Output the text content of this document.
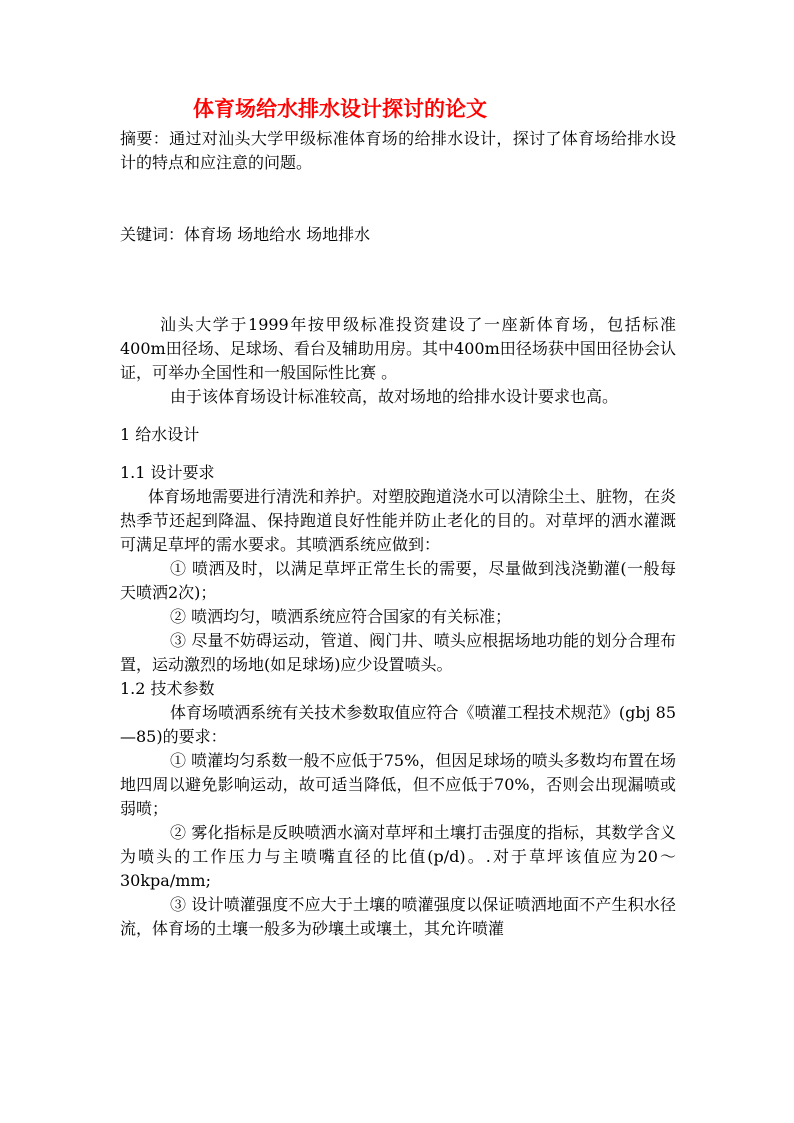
体育场给水排水设计探讨的论文

摘要：通过对汕头大学甲级标准体育场的给排水设计，探讨了体育场给排水设计的特点和应注意的问题。

关键词：体育场 场地给水 场地排水

汕头大学于1999年按甲级标准投资建设了一座新体育场，包括标准400m田径场、足球场、看台及辅助用房。其中400m田径场获中国田径协会认证，可举办全国性和一般国际性比赛 。

由于该体育场设计标准较高，故对场地的给排水设计要求也高。

1 给水设计

1.1 设计要求

体育场地需要进行清洗和养护。对塑胶跑道浇水可以清除尘土、脏物，在炎热季节还起到降温、保持跑道良好性能并防止老化的目的。对草坪的洒水灌溉可满足草坪的需水要求。其喷洒系统应做到：

① 喷洒及时，以满足草坪正常生长的需要，尽量做到浅浇勤灌(一般每天喷洒2次)；

② 喷洒均匀，喷洒系统应符合国家的有关标准；

③ 尽量不妨碍运动，管道、阀门井、喷头应根据场地功能的划分合理布置，运动激烈的场地(如足球场)应少设置喷头。

1.2 技术参数

体育场喷洒系统有关技术参数取值应符合《喷灌工程技术规范》(gbj 85—85)的要求：

① 喷灌均匀系数一般不应低于75%，但因足球场的喷头多数均布置在场地四周以避免影响运动，故可适当降低，但不应低于70%，否则会出现漏喷或弱喷；

② 雾化指标是反映喷洒水滴对草坪和土壤打击强度的指标，其数学含义为喷头的工作压力与主喷嘴直径的比值(p/d)。.对于草坪该值应为20～30kpa/mm;

③ 设计喷灌强度不应大于土壤的喷灌强度以保证喷洒地面不产生积水径流，体育场的土壤一般多为砂壤土或壤土，其允许喷灌
